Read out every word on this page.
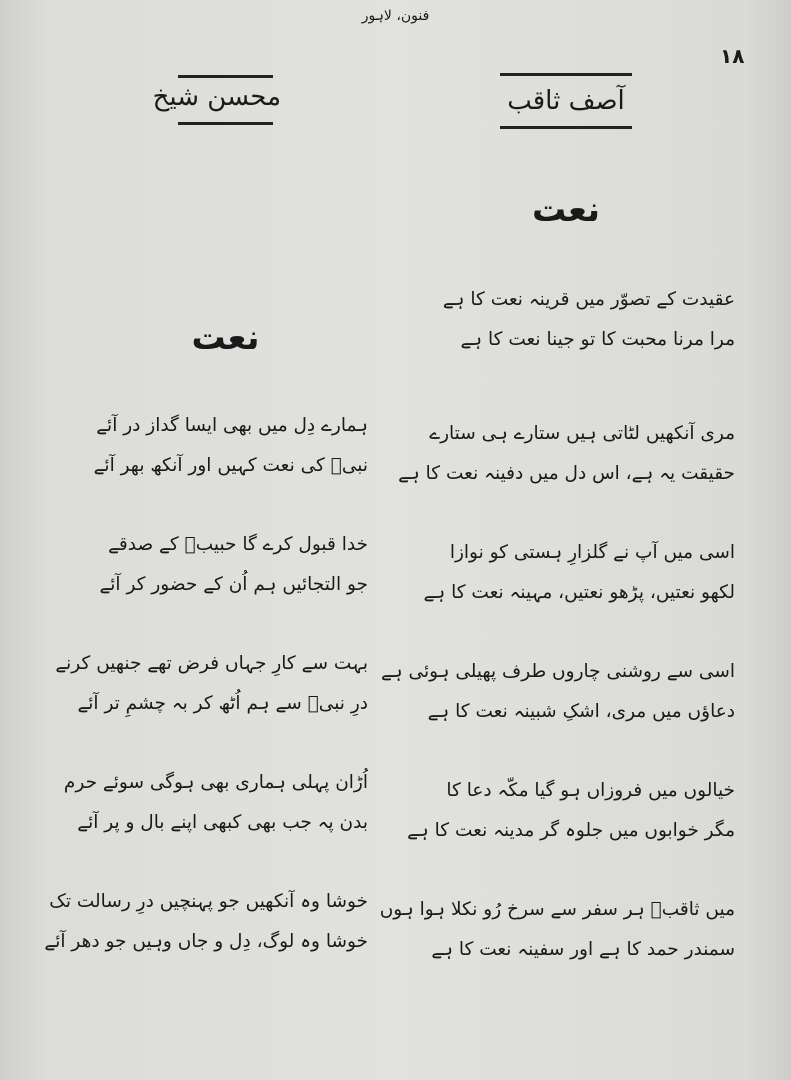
فنون، لاہور
۱۸
محسن شیخ
نعت
ہمارے دِل میں بھی ایسا گداز در آئے
نبیؐ کی نعت کہیں اور آنکھ بھر آئے
خدا قبول کرے گا حبیبؐ کے صدقے
جو التجائیں ہم اُن کے حضور کر آئے
بہت سے کارِ جہاں فرض تھے جنھیں کرنے
درِ نبیؐ سے ہم اُٹھ کر بہ چشمِ تر آئے
اُڑان پہلی ہماری بھی ہوگی سوئے حرم
بدن پہ جب بھی کبھی اپنے بال و پر آئے
خوشا وہ آنکھیں جو پہنچیں درِ رسالت تک
خوشا وہ لوگ، دِل و جاں وہیں جو دھر آئے
آصف ثاقب
نعت
عقیدت کے تصوّر میں قرینہ نعت کا ہے
مرا مرنا محبت کا تو جینا نعت کا ہے
مری آنکھیں لٹاتی ہیں ستارے ہی ستارے
حقیقت یہ ہے، اس دل میں دفینہ نعت کا ہے
اسی میں آپ نے گلزارِ ہستی کو نوازا
لکھو نعتیں، پڑھو نعتیں، مہینہ نعت کا ہے
اسی سے روشنی چاروں طرف پھیلی ہوئی ہے
دعاؤں میں مری، اشکِ شبینہ نعت کا ہے
خیالوں میں فروزاں ہو گیا مکّہ دعا کا
مگر خوابوں میں جلوہ گر مدینہ نعت کا ہے
میں ثاقبؔ ہر سفر سے سرخ رُو نکلا ہوا ہوں
سمندر حمد کا ہے اور سفینہ نعت کا ہے
